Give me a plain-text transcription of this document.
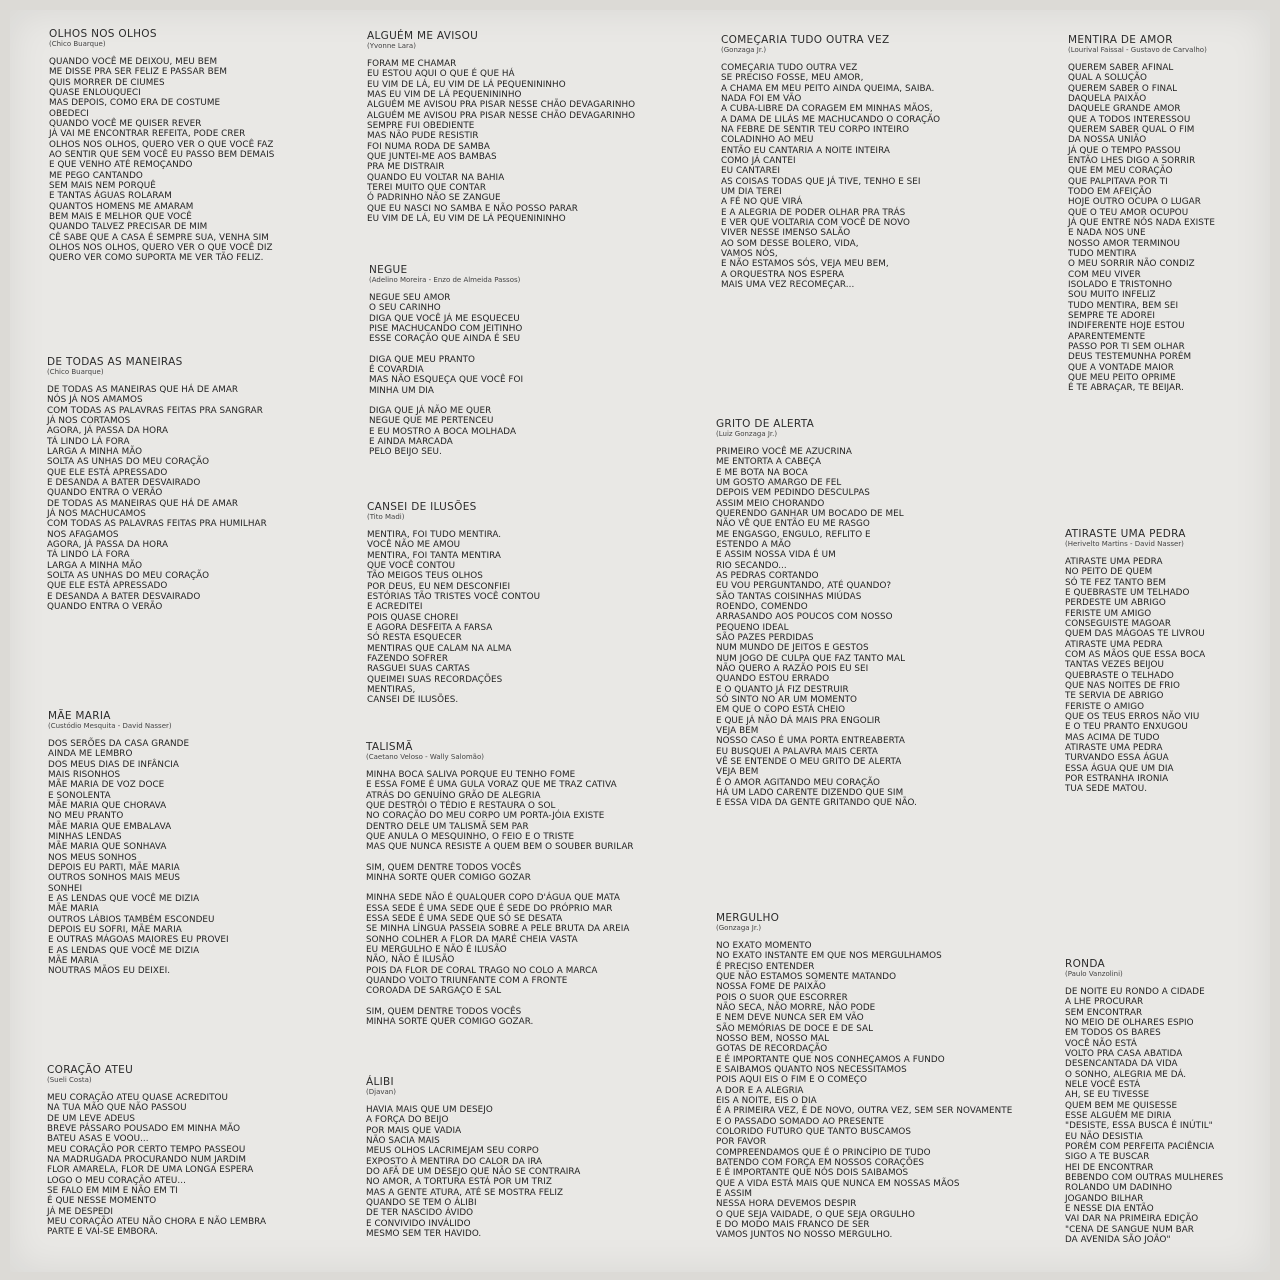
OLHOS NOS OLHOS

(Chico Buarque)

QUANDO VOCÊ ME DEIXOU, MEU BEM
ME DISSE PRA SER FELIZ E PASSAR BEM
QUIS MORRER DE CIUMES
QUASE ENLOUQUECI
MAS DEPOIS, COMO ERA DE COSTUME
OBEDECI
QUANDO VOCÊ ME QUISER REVER
JÁ VAI ME ENCONTRAR REFEITA, PODE CRER
OLHOS NOS OLHOS, QUERO VER O QUE VOCÊ FAZ
AO SENTIR QUE SEM VOCÊ EU PASSO BEM DEMAIS
E QUE VENHO ATÉ REMOÇANDO
ME PEGO CANTANDO
SEM MAIS NEM PORQUÊ
E TANTAS ÁGUAS ROLARAM
QUANTOS HOMENS ME AMARAM
BEM MAIS E MELHOR QUE VOCÊ
QUANDO TALVEZ PRECISAR DE MIM
CÊ SABE QUE A CASA É SEMPRE SUA, VENHA SIM
OLHOS NOS OLHOS, QUERO VER O QUE VOCÊ DIZ
QUERO VER COMO SUPORTA ME VER TÃO FELIZ.
DE TODAS AS MANEIRAS

(Chico Buarque)

DE TODAS AS MANEIRAS QUE HÁ DE AMAR
NÓS JÁ NOS AMAMOS
COM TODAS AS PALAVRAS FEITAS PRA SANGRAR
JÁ NOS CORTAMOS
AGORA, JÁ PASSA DA HORA
TÁ LINDO LÁ FORA
LARGA A MINHA MÃO
SOLTA AS UNHAS DO MEU CORAÇÃO
QUE ELE ESTÁ APRESSADO
E DESANDA A BATER DESVAIRADO
QUANDO ENTRA O VERÃO
DE TODAS AS MANEIRAS QUE HÁ DE AMAR
JÁ NOS MACHUCAMOS
COM TODAS AS PALAVRAS FEITAS PRA HUMILHAR
NOS AFAGAMOS
AGORA, JÁ PASSA DA HORA
TÁ LINDO LÁ FORA
LARGA A MINHA MÃO
SOLTA AS UNHAS DO MEU CORAÇÃO
QUE ELE ESTÁ APRESSADO
E DESANDA A BATER DESVAIRADO
QUANDO ENTRA O VERÃO
MÃE MARIA

(Custódio Mesquita - David Nasser)

DOS SERÕES DA CASA GRANDE
AINDA ME LEMBRO
DOS MEUS DIAS DE INFÂNCIA
MAIS RISONHOS
MÃE MARIA DE VOZ DOCE
E SONOLENTA
MÃE MARIA QUE CHORAVA
NO MEU PRANTO
MÃE MARIA QUE EMBALAVA
MINHAS LENDAS
MÃE MARIA QUE SONHAVA
NOS MEUS SONHOS
DEPOIS EU PARTI, MÃE MARIA
OUTROS SONHOS MAIS MEUS
SONHEI
E AS LENDAS QUE VOCÊ ME DIZIA
MÃE MARIA
OUTROS LÁBIOS TAMBÉM ESCONDEU
DEPOIS EU SOFRI, MÃE MARIA
E OUTRAS MÁGOAS MAIORES EU PROVEI
E AS LENDAS QUE VOCÊ ME DIZIA
MÃE MARIA
NOUTRAS MÃOS EU DEIXEI.
CORAÇÃO ATEU

(Sueli Costa)

MEU CORAÇÃO ATEU QUASE ACREDITOU
NA TUA MÃO QUE NÃO PASSOU
DE UM LEVE ADEUS
BREVE PÁSSARO POUSADO EM MINHA MÃO
BATEU ASAS E VOOU...
MEU CORAÇÃO POR CERTO TEMPO PASSEOU
NA MADRUGADA PROCURANDO NUM JARDIM
FLOR AMARELA, FLOR DE UMA LONGA ESPERA
LOGO O MEU CORAÇÃO ATEU...
SE FALO EM MIM E NÃO EM TI
É QUE NESSE MOMENTO
JÁ ME DESPEDI
MEU CORAÇÃO ATEU NÃO CHORA E NÃO LEMBRA
PARTE E VAI-SE EMBORA.
ALGUÉM ME AVISOU

(Yvonne Lara)

FORAM ME CHAMAR
EU ESTOU AQUI O QUE É QUE HÁ
EU VIM DE LÁ, EU VIM DE LÁ PEQUENININHO
MAS EU VIM DE LÁ PEQUENININHO
ALGUÉM ME AVISOU PRA PISAR NESSE CHÃO DEVAGARINHO
ALGUÉM ME AVISOU PRA PISAR NESSE CHÃO DEVAGARINHO
SEMPRE FUI OBEDIENTE
MAS NÃO PUDE RESISTIR
FOI NUMA RODA DE SAMBA
QUE JUNTEI-ME AOS BAMBAS
PRA ME DISTRAIR
QUANDO EU VOLTAR NA BAHIA
TEREI MUITO QUE CONTAR
Ó PADRINHO NÃO SE ZANGUE
QUE EU NASCI NO SAMBA E NÃO POSSO PARAR
EU VIM DE LÁ, EU VIM DE LÁ PEQUENININHO
NEGUE

(Adelino Moreira - Enzo de Almeida Passos)

NEGUE SEU AMOR
O SEU CARINHO
DIGA QUE VOCÊ JÁ ME ESQUECEU
PISE MACHUCANDO COM JEITINHO
ESSE CORAÇÃO QUE AINDA É SEU
DIGA QUE MEU PRANTO
É COVARDIA
MAS NÃO ESQUEÇA QUE VOCÊ FOI
MINHA UM DIA
DIGA QUE JÁ NÃO ME QUER
NEGUE QUE ME PERTENCEU
E EU MOSTRO A BOCA MOLHADA
E AINDA MARCADA
PELO BEIJO SEU.
CANSEI DE ILUSÕES

(Tito Madi)

MENTIRA, FOI TUDO MENTIRA.
VOCÊ NÃO ME AMOU
MENTIRA, FOI TANTA MENTIRA
QUE VOCÊ CONTOU
TÃO MEIGOS TEUS OLHOS
POR DEUS, EU NEM DESCONFIEI
ESTÓRIAS TÃO TRISTES VOCÊ CONTOU
E ACREDITEI
POIS QUASE CHOREI
E AGORA DESFEITA A FARSA
SÓ RESTA ESQUECER
MENTIRAS QUE CALAM NA ALMA
FAZENDO SOFRER
RASGUEI SUAS CARTAS
QUEIMEI SUAS RECORDAÇÕES
MENTIRAS,
CANSEI DE ILUSÕES.
TALISMÃ

(Caetano Veloso - Wally Salomão)

MINHA BOCA SALIVA PORQUE EU TENHO FOME
E ESSA FOME É UMA GULA VORAZ QUE ME TRAZ CATIVA
ATRÁS DO GENUÍNO GRÃO DE ALEGRIA
QUE DESTRÓI O TÉDIO E RESTAURA O SOL
NO CORAÇÃO DO MEU CORPO UM PORTA-JÓIA EXISTE
DENTRO DELE UM TALISMÃ SEM PAR
QUE ANULA O MESQUINHO, O FEIO E O TRISTE
MAS QUE NUNCA RESISTE A QUEM BEM O SOUBER BURILAR
SIM, QUEM DENTRE TODOS VOCÊS
MINHA SORTE QUER COMIGO GOZAR
MINHA SEDE NÃO É QUALQUER COPO D'ÁGUA QUE MATA
ESSA SEDE É UMA SEDE QUE É SEDE DO PRÓPRIO MAR
ESSA SEDE É UMA SEDE QUE SÓ SE DESATA
SE MINHA LÍNGUA PASSEIA SOBRE A PELE BRUTA DA AREIA
SONHO COLHER A FLOR DA MARÉ CHEIA VASTA
EU MERGULHO E NÃO É ILUSÃO
NÃO, NÃO É ILUSÃO
POIS DA FLOR DE CORAL TRAGO NO COLO A MARCA
QUANDO VOLTO TRIUNFANTE COM A FRONTE
COROADA DE SARGAÇO E SAL
SIM, QUEM DENTRE TODOS VOCÊS
MINHA SORTE QUER COMIGO GOZAR.
ÁLIBI

(Djavan)

HAVIA MAIS QUE UM DESEJO
A FORÇA DO BEIJO
POR MAIS QUE VADIA
NÃO SACIA MAIS
MEUS OLHOS LACRIMEJAM SEU CORPO
EXPOSTO À MENTIRA DO CALOR DA IRA
DO AFÃ DE UM DESEJO QUE NÃO SE CONTRAIRA
NO AMOR, A TORTURA ESTÁ POR UM TRIZ
MAS A GENTE ATURA, ATÉ SE MOSTRA FELIZ
QUANDO SE TEM O ÁLIBI
DE TER NASCIDO ÁVIDO
E CONVIVIDO INVÁLIDO
MESMO SEM TER HAVIDO.
COMEÇARIA TUDO OUTRA VEZ

(Gonzaga Jr.)

COMEÇARIA TUDO OUTRA VEZ
SE PRECISO FOSSE, MEU AMOR,
A CHAMA EM MEU PEITO AINDA QUEIMA, SAIBA.
NADA FOI EM VÃO
A CUBA-LIBRE DA CORAGEM EM MINHAS MÃOS,
A DAMA DE LILÁS ME MACHUCANDO O CORAÇÃO
NA FEBRE DE SENTIR TEU CORPO INTEIRO
COLADINHO AO MEU
ENTÃO EU CANTARIA A NOITE INTEIRA
COMO JÁ CANTEI
EU CANTAREI
AS COISAS TODAS QUE JÁ TIVE, TENHO E SEI
UM DIA TEREI
A FÉ NO QUE VIRÁ
E A ALEGRIA DE PODER OLHAR PRA TRÁS
E VER QUE VOLTARIA COM VOCÊ DE NOVO
VIVER NESSE IMENSO SALÃO
AO SOM DESSE BOLERO, VIDA,
VAMOS NÓS,
E NÃO ESTAMOS SÓS, VEJA MEU BEM,
A ORQUESTRA NOS ESPERA
MAIS UMA VEZ RECOMEÇAR...
GRITO DE ALERTA

(Luiz Gonzaga Jr.)

PRIMEIRO VOCÊ ME AZUCRINA
ME ENTORTA A CABEÇA
E ME BOTA NA BOCA
UM GOSTO AMARGO DE FEL
DEPOIS VEM PEDINDO DESCULPAS
ASSIM MEIO CHORANDO
QUERENDO GANHAR UM BOCADO DE MEL
NÃO VÊ QUE ENTÃO EU ME RASGO
ME ENGASGO, ENGULO, REFLITO E
ESTENDO A MÃO
E ASSIM NOSSA VIDA É UM
RIO SECANDO...
AS PEDRAS CORTANDO
EU VOU PERGUNTANDO, ATÉ QUANDO?
SÃO TANTAS COISINHAS MIÚDAS
ROENDO, COMENDO
ARRASANDO AOS POUCOS COM NOSSO
PEQUENO IDEAL
SÃO PAZES PERDIDAS
NUM MUNDO DE JEITOS E GESTOS
NUM JOGO DE CULPA QUE FAZ TANTO MAL
NÃO QUERO A RAZÃO POIS EU SEI
QUANDO ESTOU ERRADO
E O QUANTO JÁ FIZ DESTRUIR
SÓ SINTO NO AR UM MOMENTO
EM QUE O COPO ESTÁ CHEIO
E QUE JÁ NÃO DÁ MAIS PRA ENGOLIR
VEJA BEM
NOSSO CASO É UMA PORTA ENTREABERTA
EU BUSQUEI A PALAVRA MAIS CERTA
VÊ SE ENTENDE O MEU GRITO DE ALERTA
VEJA BEM
É O AMOR AGITANDO MEU CORAÇÃO
HÁ UM LADO CARENTE DIZENDO QUE SIM
E ESSA VIDA DA GENTE GRITANDO QUE NÃO.
MERGULHO

(Gonzaga Jr.)

NO EXATO MOMENTO
NO EXATO INSTANTE EM QUE NOS MERGULHAMOS
É PRECISO ENTENDER
QUE NÃO ESTAMOS SOMENTE MATANDO
NOSSA FOME DE PAIXÃO
POIS O SUOR QUE ESCORRER
NÃO SECA, NÃO MORRE, NÃO PODE
E NEM DEVE NUNCA SER EM VÃO
SÃO MEMÓRIAS DE DOCE E DE SAL
NOSSO BEM, NOSSO MAL
GOTAS DE RECORDAÇÃO
E É IMPORTANTE QUE NOS CONHEÇAMOS A FUNDO
E SAIBAMOS QUANTO NOS NECESSITAMOS
POIS AQUI EIS O FIM E O COMEÇO
A DOR E A ALEGRIA
EIS A NOITE, EIS O DIA
É A PRIMEIRA VEZ, É DE NOVO, OUTRA VEZ, SEM SER NOVAMENTE
E O PASSADO SOMADO AO PRESENTE
COLORIDO FUTURO QUE TANTO BUSCAMOS
POR FAVOR
COMPREENDAMOS QUE É O PRINCÍPIO DE TUDO
BATENDO COM FORÇA EM NOSSOS CORAÇÕES
E É IMPORTANTE QUE NÓS DOIS SAIBAMOS
QUE A VIDA ESTÁ MAIS QUE NUNCA EM NOSSAS MÃOS
E ASSIM
NESSA HORA DEVEMOS DESPIR
O QUE SEJA VAIDADE, O QUE SEJA ORGULHO
E DO MODO MAIS FRANCO DE SER
VAMOS JUNTOS NO NOSSO MERGULHO.
MENTIRA DE AMOR

(Lourival Faissal - Gustavo de Carvalho)

QUEREM SABER AFINAL
QUAL A SOLUÇÃO
QUEREM SABER O FINAL
DAQUELA PAIXÃO
DAQUELE GRANDE AMOR
QUE A TODOS INTERESSOU
QUEREM SABER QUAL O FIM
DA NOSSA UNIÃO
JÁ QUE O TEMPO PASSOU
ENTÃO LHES DIGO A SORRIR
QUE EM MEU CORAÇÃO
QUE PALPITAVA POR TI
TODO EM AFEIÇÃO
HOJE OUTRO OCUPA O LUGAR
QUE O TEU AMOR OCUPOU
JÁ QUE ENTRE NÓS NADA EXISTE
E NADA NOS UNE
NOSSO AMOR TERMINOU
TUDO MENTIRA
O MEU SORRIR NÃO CONDIZ
COM MEU VIVER
ISOLADO E TRISTONHO
SOU MUITO INFELIZ
TUDO MENTIRA, BEM SEI
SEMPRE TE ADOREI
INDIFERENTE HOJE ESTOU
APARENTEMENTE
PASSO POR TI SEM OLHAR
DEUS TESTEMUNHA PORÉM
QUE A VONTADE MAIOR
QUE MEU PEITO OPRIME
É TE ABRAÇAR, TE BEIJAR.
ATIRASTE UMA PEDRA

(Herivelto Martins - David Nasser)

ATIRASTE UMA PEDRA
NO PEITO DE QUEM
SÓ TE FEZ TANTO BEM
E QUEBRASTE UM TELHADO
PERDESTE UM ABRIGO
FERISTE UM AMIGO
CONSEGUISTE MAGOAR
QUEM DAS MÁGOAS TE LIVROU
ATIRASTE UMA PEDRA
COM AS MÃOS QUE ESSA BOCA
TANTAS VEZES BEIJOU
QUEBRASTE O TELHADO
QUE NAS NOITES DE FRIO
TE SERVIA DE ABRIGO
FERISTE O AMIGO
QUE OS TEUS ERROS NÃO VIU
E O TEU PRANTO ENXUGOU
MAS ACIMA DE TUDO
ATIRASTE UMA PEDRA
TURVANDO ESSA ÁGUA
ESSA ÁGUA QUE UM DIA
POR ESTRANHA IRONIA
TUA SEDE MATOU.
RONDA

(Paulo Vanzolini)

DE NOITE EU RONDO A CIDADE
A LHE PROCURAR
SEM ENCONTRAR
NO MEIO DE OLHARES ESPIO
EM TODOS OS BARES
VOCÊ NÃO ESTÁ
VOLTO PRA CASA ABATIDA
DESENCANTADA DA VIDA
O SONHO, ALEGRIA ME DÁ.
NELE VOCÊ ESTÁ
AH, SE EU TIVESSE
QUEM BEM ME QUISESSE
ESSE ALGUÉM ME DIRIA
"DESISTE, ESSA BUSCA É INÚTIL"
EU NÃO DESISTIA
PORÉM COM PERFEITA PACIÊNCIA
SIGO A TE BUSCAR
HEI DE ENCONTRAR
BEBENDO COM OUTRAS MULHERES
ROLANDO UM DADINHO
JOGANDO BILHAR
E NESSE DIA ENTÃO
VAI DAR NA PRIMEIRA EDIÇÃO
"CENA DE SANGUE NUM BAR
DA AVENIDA SÃO JOÃO"
